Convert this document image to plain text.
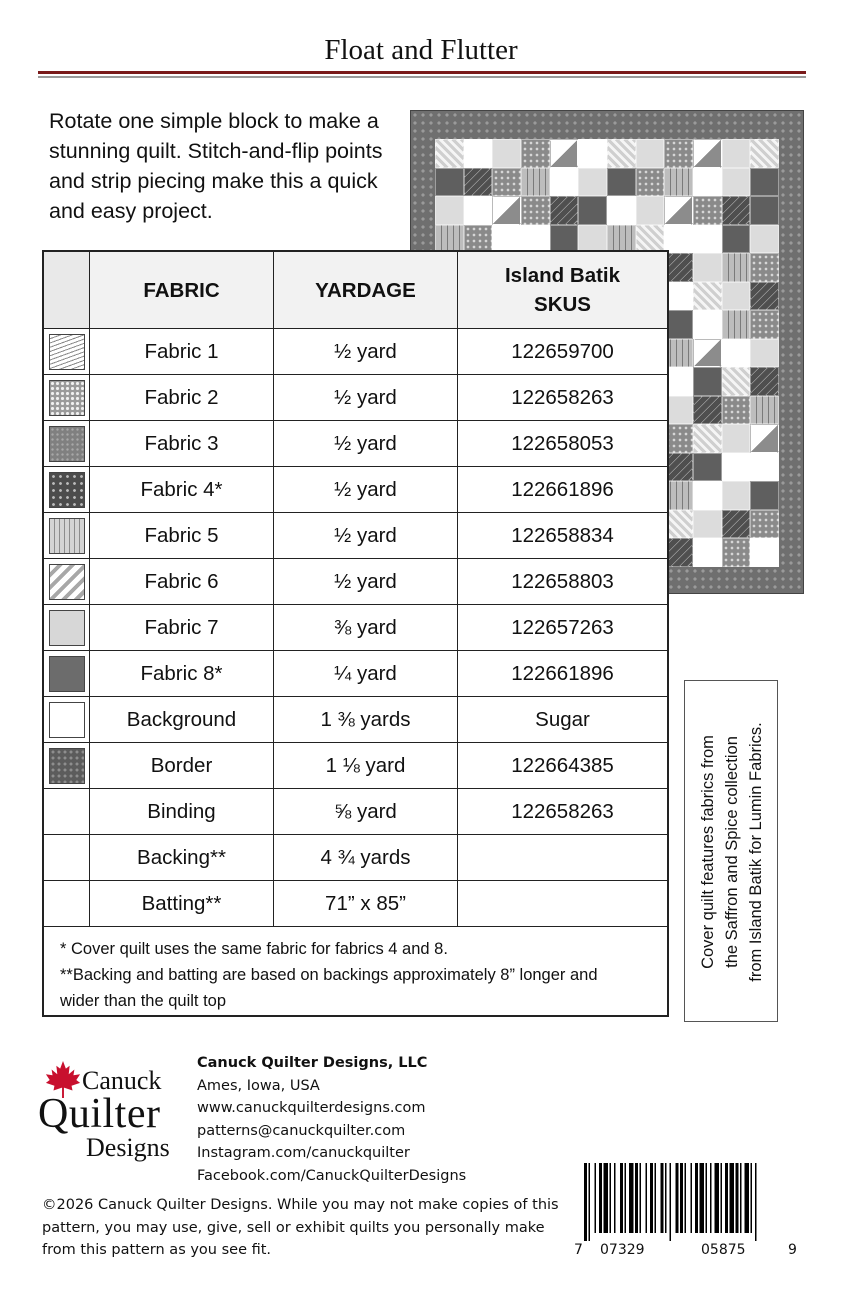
Float and Flutter
Rotate one simple block to make a stunning quilt. Stitch-and-flip points and strip piecing make this a quick and easy project.
FABRIC	YARDAGE
Island Batik
SKUS
Fabric 1	½ yard	122659700
Fabric 2	½ yard	122658263
Fabric 3	½ yard	122658053
Fabric 4*	½ yard	122661896
Fabric 5	½ yard	122658834
Fabric 6	½ yard	122658803
Fabric 7	⅜ yard	122657263
Fabric 8*	¼ yard	122661896
Background	1 ⅜ yards	Sugar
Border	1 ⅛ yard	122664385
Binding	⅝ yard	122658263
Backing**	4 ¾ yards
Batting**	71” x 85”
* Cover quilt uses the same fabric for fabrics 4 and 8.
**Backing and batting are based on backings approximately 8” longer and wider than the quilt top
Cover quilt features fabrics from the Saffron and Spice collection from Island Batik for Lumin Fabrics.
Canuck
Quilter
Designs
Canuck Quilter Designs, LLC
Ames, Iowa, USA
www.canuckquilterdesigns.com
patterns@canuckquilter.com
Instagram.com/canuckquilter
Facebook.com/CanuckQuilterDesigns
©2026 Canuck Quilter Designs. While you may not make copies of this pattern, you may use, give, sell or exhibit quilts you personally make from this pattern as you see fit.	7 07329	05875	9
